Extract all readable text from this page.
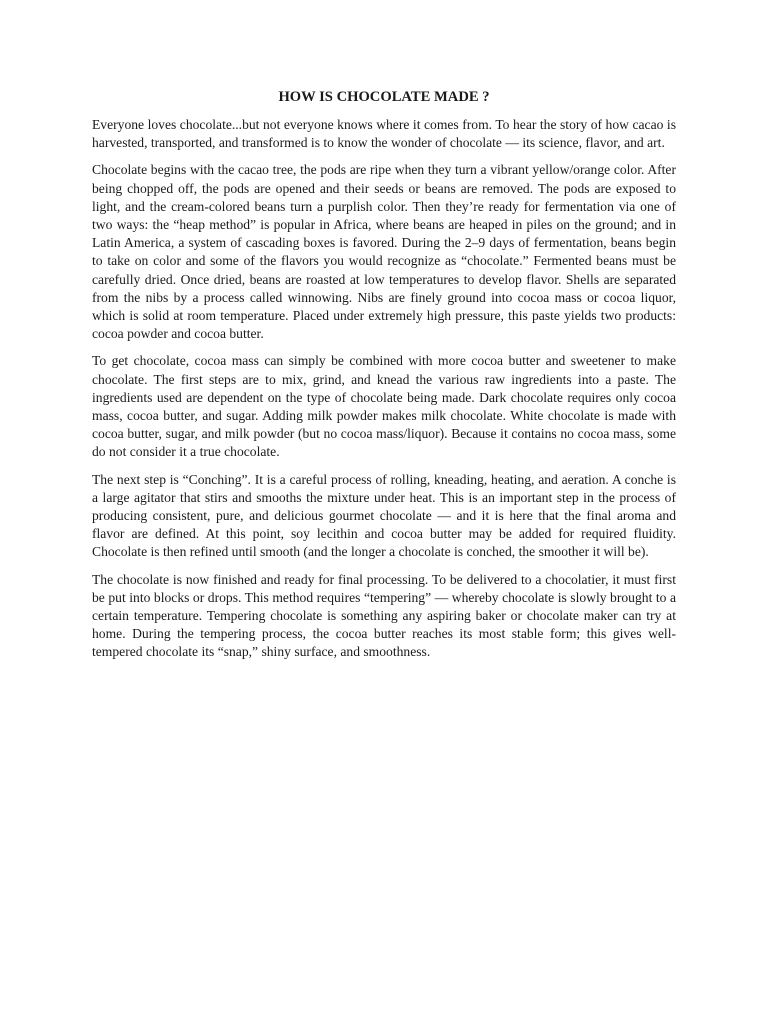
HOW IS CHOCOLATE MADE ?

Everyone loves chocolate...but not everyone knows where it comes from. To hear the story of how cacao is harvested, transported, and transformed is to know the wonder of chocolate — its science, flavor, and art.

Chocolate begins with the cacao tree, the pods are ripe when they turn a vibrant yellow/orange color. After being chopped off, the pods are opened and their seeds or beans are removed. The pods are exposed to light, and the cream-colored beans turn a purplish color. Then they’re ready for fermentation via one of two ways: the “heap method” is popular in Africa, where beans are heaped in piles on the ground; and in Latin America, a system of cascading boxes is favored. During the 2–9 days of fermentation, beans begin to take on color and some of the flavors you would recognize as “chocolate.” Fermented beans must be carefully dried. Once dried, beans are roasted at low temperatures to develop flavor. Shells are separated from the nibs by a process called winnowing. Nibs are finely ground into cocoa mass or cocoa liquor, which is solid at room temperature. Placed under extremely high pressure, this paste yields two products: cocoa powder and cocoa butter.

To get chocolate, cocoa mass can simply be combined with more cocoa butter and sweetener to make chocolate. The first steps are to mix, grind, and knead the various raw ingredients into a paste. The ingredients used are dependent on the type of chocolate being made. Dark chocolate requires only cocoa mass, cocoa butter, and sugar. Adding milk powder makes milk chocolate. White chocolate is made with cocoa butter, sugar, and milk powder (but no cocoa mass/liquor). Because it contains no cocoa mass, some do not consider it a true chocolate.

The next step is “Conching”. It is a careful process of rolling, kneading, heating, and aeration. A conche is a large agitator that stirs and smooths the mixture under heat. This is an important step in the process of producing consistent, pure, and delicious gourmet chocolate — and it is here that the final aroma and flavor are defined. At this point, soy lecithin and cocoa butter may be added for required fluidity. Chocolate is then refined until smooth (and the longer a chocolate is conched, the smoother it will be).

The chocolate is now finished and ready for final processing. To be delivered to a chocolatier, it must first be put into blocks or drops. This method requires “tempering” — whereby chocolate is slowly brought to a certain temperature. Tempering chocolate is something any aspiring baker or chocolate maker can try at home. During the tempering process, the cocoa butter reaches its most stable form; this gives well-tempered chocolate its “snap,” shiny surface, and smoothness.
